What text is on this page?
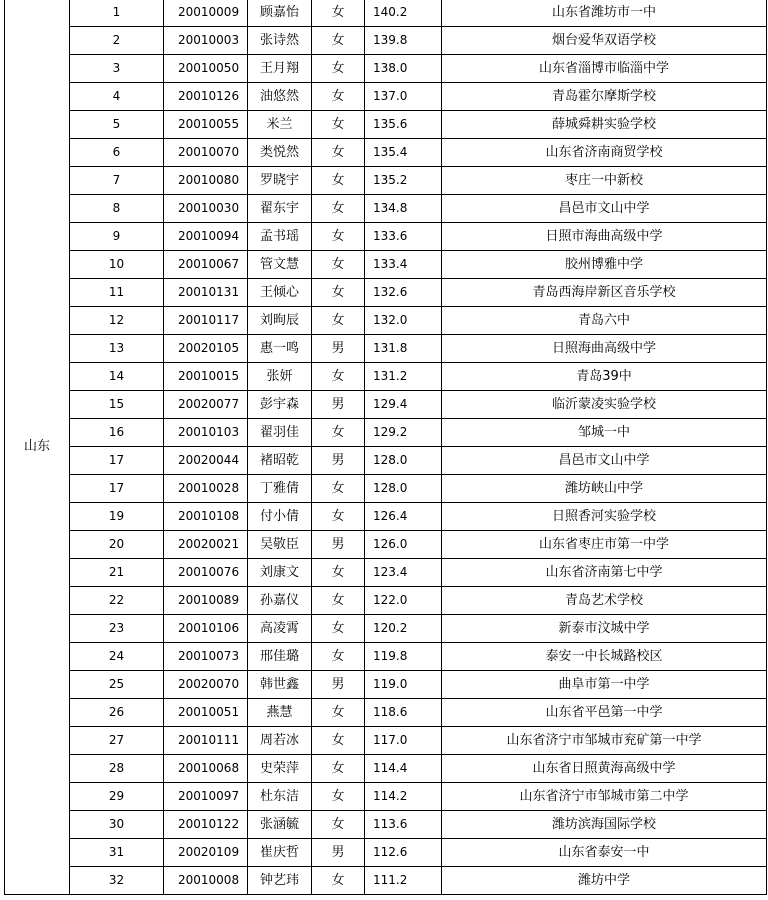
山东	1	20010009	顾嘉怡	女	140.2	山东省潍坊市一中
	2	20010003	张诗然	女	139.8	烟台爱华双语学校
	3	20010050	王月翔	女	138.0	山东省淄博市临淄中学
	4	20010126	油悠然	女	137.0	青岛霍尔摩斯学校
	5	20010055	米兰	女	135.6	薛城舜耕实验学校
	6	20010070	类悦然	女	135.4	山东省济南商贸学校
	7	20010080	罗晓宇	女	135.2	枣庄一中新校
	8	20010030	翟东宇	女	134.8	昌邑市文山中学
	9	20010094	孟书瑶	女	133.6	日照市海曲高级中学
	10	20010067	管文慧	女	133.4	胶州博雅中学
	11	20010131	王倾心	女	132.6	青岛西海岸新区音乐学校
	12	20010117	刘昫辰	女	132.0	青岛六中
	13	20020105	惠一鸣	男	131.8	日照海曲高级中学
	14	20010015	张妍	女	131.2	青岛39中
	15	20020077	彭宇森	男	129.4	临沂蒙凌实验学校
	16	20010103	翟羽佳	女	129.2	邹城一中
	17	20020044	褚昭乾	男	128.0	昌邑市文山中学
	17	20010028	丁雅倩	女	128.0	潍坊峡山中学
	19	20010108	付小倩	女	126.4	日照香河实验学校
	20	20020021	吴敬臣	男	126.0	山东省枣庄市第一中学
	21	20010076	刘康文	女	123.4	山东省济南第七中学
	22	20010089	孙嘉仪	女	122.0	青岛艺术学校
	23	20010106	高凌霄	女	120.2	新泰市汶城中学
	24	20010073	邢佳璐	女	119.8	泰安一中长城路校区
	25	20020070	韩世鑫	男	119.0	曲阜市第一中学
	26	20010051	燕慧	女	118.6	山东省平邑第一中学
	27	20010111	周若冰	女	117.0	山东省济宁市邹城市兖矿第一中学
	28	20010068	史荣萍	女	114.4	山东省日照黄海高级中学
	29	20010097	杜东洁	女	114.2	山东省济宁市邹城市第二中学
	30	20010122	张涵毓	女	113.6	潍坊滨海国际学校
	31	20020109	崔庆哲	男	112.6	山东省泰安一中
	32	20010008	钟艺玮	女	111.2	潍坊中学
